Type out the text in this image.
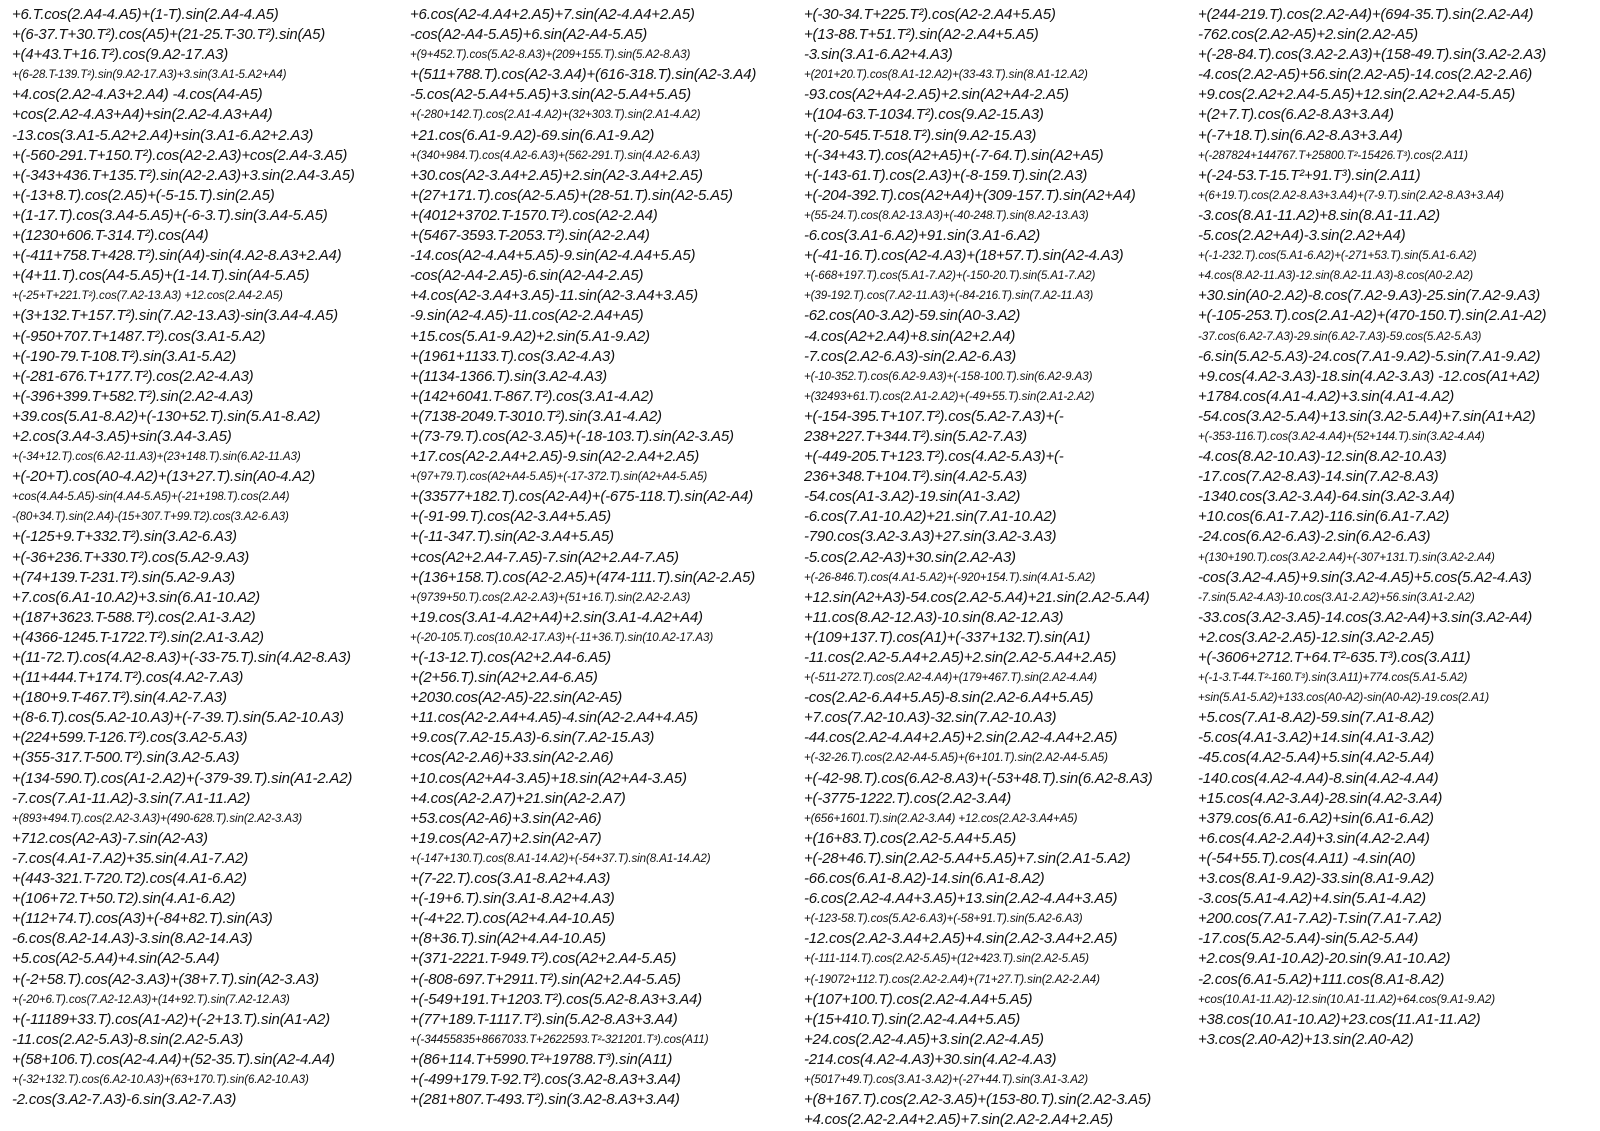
+6.T.cos(2.A4-4.A5)+(1-T).sin(2.A4-4.A5)
+(6-37.T+30.T²).cos(A5)+(21-25.T-30.T²).sin(A5)
+(4+43.T+16.T²).cos(9.A2-17.A3)
+(6-28.T-139.T²).sin(9.A2-17.A3)+3.sin(3.A1-5.A2+A4)
+4.cos(2.A2-4.A3+2.A4) -4.cos(A4-A5)
+cos(2.A2-4.A3+A4)+sin(2.A2-4.A3+A4)
-13.cos(3.A1-5.A2+2.A4)+sin(3.A1-6.A2+2.A3)
+(-560-291.T+150.T²).cos(A2-2.A3)+cos(2.A4-3.A5)
+(-343+436.T+135.T²).sin(A2-2.A3)+3.sin(2.A4-3.A5)
+(-13+8.T).cos(2.A5)+(-5-15.T).sin(2.A5)
+(1-17.T).cos(3.A4-5.A5)+(-6-3.T).sin(3.A4-5.A5)
+(1230+606.T-314.T²).cos(A4)
+(-411+758.T+428.T²).sin(A4)-sin(4.A2-8.A3+2.A4)
+(4+11.T).cos(A4-5.A5)+(1-14.T).sin(A4-5.A5)
+(-25+T+221.T²).cos(7.A2-13.A3) +12.cos(2.A4-2.A5)
+(3+132.T+157.T²).sin(7.A2-13.A3)-sin(3.A4-4.A5)
+(-950+707.T+1487.T²).cos(3.A1-5.A2)
+(-190-79.T-108.T²).sin(3.A1-5.A2)
+(-281-676.T+177.T²).cos(2.A2-4.A3)
+(-396+399.T+582.T²).sin(2.A2-4.A3)
+39.cos(5.A1-8.A2)+(-130+52.T).sin(5.A1-8.A2)
+2.cos(3.A4-3.A5)+sin(3.A4-3.A5)
+(-34+12.T).cos(6.A2-11.A3)+(23+148.T).sin(6.A2-11.A3)
+(-20+T).cos(A0-4.A2)+(13+27.T).sin(A0-4.A2)
+cos(4.A4-5.A5)-sin(4.A4-5.A5)+(-21+198.T).cos(2.A4)
-(80+34.T).sin(2.A4)-(15+307.T+99.T2).cos(3.A2-6.A3)
+(-125+9.T+332.T²).sin(3.A2-6.A3)
+(-36+236.T+330.T²).cos(5.A2-9.A3)
+(74+139.T-231.T²).sin(5.A2-9.A3)
+7.cos(6.A1-10.A2)+3.sin(6.A1-10.A2)
+(187+3623.T-588.T²).cos(2.A1-3.A2)
+(4366-1245.T-1722.T²).sin(2.A1-3.A2)
+(11-72.T).cos(4.A2-8.A3)+(-33-75.T).sin(4.A2-8.A3)
+(11+444.T+174.T²).cos(4.A2-7.A3)
+(180+9.T-467.T²).sin(4.A2-7.A3)
+(8-6.T).cos(5.A2-10.A3)+(-7-39.T).sin(5.A2-10.A3)
+(224+599.T-126.T²).cos(3.A2-5.A3)
+(355-317.T-500.T²).sin(3.A2-5.A3)
+(134-590.T).cos(A1-2.A2)+(-379-39.T).sin(A1-2.A2)
-7.cos(7.A1-11.A2)-3.sin(7.A1-11.A2)
+(893+494.T).cos(2.A2-3.A3)+(490-628.T).sin(2.A2-3.A3)
+712.cos(A2-A3)-7.sin(A2-A3)
-7.cos(4.A1-7.A2)+35.sin(4.A1-7.A2)
+(443-321.T-720.T2).cos(4.A1-6.A2)
+(106+72.T+50.T2).sin(4.A1-6.A2)
+(112+74.T).cos(A3)+(-84+82.T).sin(A3)
-6.cos(8.A2-14.A3)-3.sin(8.A2-14.A3)
+5.cos(A2-5.A4)+4.sin(A2-5.A4)
+(-2+58.T).cos(A2-3.A3)+(38+7.T).sin(A2-3.A3)
+(-20+6.T).cos(7.A2-12.A3)+(14+92.T).sin(7.A2-12.A3)
+(-11189+33.T).cos(A1-A2)+(-2+13.T).sin(A1-A2)
-11.cos(2.A2-5.A3)-8.sin(2.A2-5.A3)
+(58+106.T).cos(A2-4.A4)+(52-35.T).sin(A2-4.A4)
+(-32+132.T).cos(6.A2-10.A3)+(63+170.T).sin(6.A2-10.A3)
-2.cos(3.A2-7.A3)-6.sin(3.A2-7.A3)
+6.cos(A2-4.A4+2.A5)+7.sin(A2-4.A4+2.A5)
-cos(A2-A4-5.A5)+6.sin(A2-A4-5.A5)
+(9+452.T).cos(5.A2-8.A3)+(209+155.T).sin(5.A2-8.A3)
+(511+788.T).cos(A2-3.A4)+(616-318.T).sin(A2-3.A4)
-5.cos(A2-5.A4+5.A5)+3.sin(A2-5.A4+5.A5)
+(-280+142.T).cos(2.A1-4.A2)+(32+303.T).sin(2.A1-4.A2)
+21.cos(6.A1-9.A2)-69.sin(6.A1-9.A2)
+(340+984.T).cos(4.A2-6.A3)+(562-291.T).sin(4.A2-6.A3)
+30.cos(A2-3.A4+2.A5)+2.sin(A2-3.A4+2.A5)
+(27+171.T).cos(A2-5.A5)+(28-51.T).sin(A2-5.A5)
+(4012+3702.T-1570.T²).cos(A2-2.A4)
+(5467-3593.T-2053.T²).sin(A2-2.A4)
-14.cos(A2-4.A4+5.A5)-9.sin(A2-4.A4+5.A5)
-cos(A2-A4-2.A5)-6.sin(A2-A4-2.A5)
+4.cos(A2-3.A4+3.A5)-11.sin(A2-3.A4+3.A5)
-9.sin(A2-4.A5)-11.cos(A2-2.A4+A5)
+15.cos(5.A1-9.A2)+2.sin(5.A1-9.A2)
+(1961+1133.T).cos(3.A2-4.A3)
+(1134-1366.T).sin(3.A2-4.A3)
+(142+6041.T-867.T²).cos(3.A1-4.A2)
+(7138-2049.T-3010.T²).sin(3.A1-4.A2)
+(73-79.T).cos(A2-3.A5)+(-18-103.T).sin(A2-3.A5)
+17.cos(A2-2.A4+2.A5)-9.sin(A2-2.A4+2.A5)
+(97+79.T).cos(A2+A4-5.A5)+(-17-372.T).sin(A2+A4-5.A5)
+(33577+182.T).cos(A2-A4)+(-675-118.T).sin(A2-A4)
+(-91-99.T).cos(A2-3.A4+5.A5)
+(-11-347.T).sin(A2-3.A4+5.A5)
+cos(A2+2.A4-7.A5)-7.sin(A2+2.A4-7.A5)
+(136+158.T).cos(A2-2.A5)+(474-111.T).sin(A2-2.A5)
+(9739+50.T).cos(2.A2-2.A3)+(51+16.T).sin(2.A2-2.A3)
+19.cos(3.A1-4.A2+A4)+2.sin(3.A1-4.A2+A4)
+(-20-105.T).cos(10.A2-17.A3)+(-11+36.T).sin(10.A2-17.A3)
+(-13-12.T).cos(A2+2.A4-6.A5)
+(2+56.T).sin(A2+2.A4-6.A5)
+2030.cos(A2-A5)-22.sin(A2-A5)
+11.cos(A2-2.A4+4.A5)-4.sin(A2-2.A4+4.A5)
+9.cos(7.A2-15.A3)-6.sin(7.A2-15.A3)
+cos(A2-2.A6)+33.sin(A2-2.A6)
+10.cos(A2+A4-3.A5)+18.sin(A2+A4-3.A5)
+4.cos(A2-2.A7)+21.sin(A2-2.A7)
+53.cos(A2-A6)+3.sin(A2-A6)
+19.cos(A2-A7)+2.sin(A2-A7)
+(-147+130.T).cos(8.A1-14.A2)+(-54+37.T).sin(8.A1-14.A2)
+(7-22.T).cos(3.A1-8.A2+4.A3)
+(-19+6.T).sin(3.A1-8.A2+4.A3)
+(-4+22.T).cos(A2+4.A4-10.A5)
+(8+36.T).sin(A2+4.A4-10.A5)
+(371-2221.T-949.T²).cos(A2+2.A4-5.A5)
+(-808-697.T+2911.T²).sin(A2+2.A4-5.A5)
+(-549+191.T+1203.T²).cos(5.A2-8.A3+3.A4)
+(77+189.T-1117.T²).sin(5.A2-8.A3+3.A4)
+(-34455835+8667033.T+2622593.T²-321201.T³).cos(A11)
+(86+114.T+5990.T²+19788.T³).sin(A11)
+(-499+179.T-92.T²).cos(3.A2-8.A3+3.A4)
+(281+807.T-493.T²).sin(3.A2-8.A3+3.A4)
+(-30-34.T+225.T²).cos(A2-2.A4+5.A5)
+(13-88.T+51.T²).sin(A2-2.A4+5.A5)
-3.sin(3.A1-6.A2+4.A3)
+(201+20.T).cos(8.A1-12.A2)+(33-43.T).sin(8.A1-12.A2)
-93.cos(A2+A4-2.A5)+2.sin(A2+A4-2.A5)
+(104-63.T-1034.T²).cos(9.A2-15.A3)
+(-20-545.T-518.T²).sin(9.A2-15.A3)
+(-34+43.T).cos(A2+A5)+(-7-64.T).sin(A2+A5)
+(-143-61.T).cos(2.A3)+(-8-159.T).sin(2.A3)
+(-204-392.T).cos(A2+A4)+(309-157.T).sin(A2+A4)
+(55-24.T).cos(8.A2-13.A3)+(-40-248.T).sin(8.A2-13.A3)
-6.cos(3.A1-6.A2)+91.sin(3.A1-6.A2)
+(-41-16.T).cos(A2-4.A3)+(18+57.T).sin(A2-4.A3)
+(-668+197.T).cos(5.A1-7.A2)+(-150-20.T).sin(5.A1-7.A2)
+(39-192.T).cos(7.A2-11.A3)+(-84-216.T).sin(7.A2-11.A3)
-62.cos(A0-3.A2)-59.sin(A0-3.A2)
-4.cos(A2+2.A4)+8.sin(A2+2.A4)
-7.cos(2.A2-6.A3)-sin(2.A2-6.A3)
+(-10-352.T).cos(6.A2-9.A3)+(-158-100.T).sin(6.A2-9.A3)
+(32493+61.T).cos(2.A1-2.A2)+(-49+55.T).sin(2.A1-2.A2)
+(-154-395.T+107.T²).cos(5.A2-7.A3)+(-
238+227.T+344.T²).sin(5.A2-7.A3)
+(-449-205.T+123.T²).cos(4.A2-5.A3)+(-
236+348.T+104.T²).sin(4.A2-5.A3)
-54.cos(A1-3.A2)-19.sin(A1-3.A2)
-6.cos(7.A1-10.A2)+21.sin(7.A1-10.A2)
-790.cos(3.A2-3.A3)+27.sin(3.A2-3.A3)
-5.cos(2.A2-A3)+30.sin(2.A2-A3)
+(-26-846.T).cos(4.A1-5.A2)+(-920+154.T).sin(4.A1-5.A2)
+12.sin(A2+A3)-54.cos(2.A2-5.A4)+21.sin(2.A2-5.A4)
+11.cos(8.A2-12.A3)-10.sin(8.A2-12.A3)
+(109+137.T).cos(A1)+(-337+132.T).sin(A1)
-11.cos(2.A2-5.A4+2.A5)+2.sin(2.A2-5.A4+2.A5)
+(-511-272.T).cos(2.A2-4.A4)+(179+467.T).sin(2.A2-4.A4)
-cos(2.A2-6.A4+5.A5)-8.sin(2.A2-6.A4+5.A5)
+7.cos(7.A2-10.A3)-32.sin(7.A2-10.A3)
-44.cos(2.A2-4.A4+2.A5)+2.sin(2.A2-4.A4+2.A5)
+(-32-26.T).cos(2.A2-A4-5.A5)+(6+101.T).sin(2.A2-A4-5.A5)
+(-42-98.T).cos(6.A2-8.A3)+(-53+48.T).sin(6.A2-8.A3)
+(-3775-1222.T).cos(2.A2-3.A4)
+(656+1601.T).sin(2.A2-3.A4) +12.cos(2.A2-3.A4+A5)
+(16+83.T).cos(2.A2-5.A4+5.A5)
+(-28+46.T).sin(2.A2-5.A4+5.A5)+7.sin(2.A1-5.A2)
-66.cos(6.A1-8.A2)-14.sin(6.A1-8.A2)
-6.cos(2.A2-4.A4+3.A5)+13.sin(2.A2-4.A4+3.A5)
+(-123-58.T).cos(5.A2-6.A3)+(-58+91.T).sin(5.A2-6.A3)
-12.cos(2.A2-3.A4+2.A5)+4.sin(2.A2-3.A4+2.A5)
+(-111-114.T).cos(2.A2-5.A5)+(12+423.T).sin(2.A2-5.A5)
+(-19072+112.T).cos(2.A2-2.A4)+(71+27.T).sin(2.A2-2.A4)
+(107+100.T).cos(2.A2-4.A4+5.A5)
+(15+410.T).sin(2.A2-4.A4+5.A5)
+24.cos(2.A2-4.A5)+3.sin(2.A2-4.A5)
-214.cos(4.A2-4.A3)+30.sin(4.A2-4.A3)
+(5017+49.T).cos(3.A1-3.A2)+(-27+44.T).sin(3.A1-3.A2)
+(8+167.T).cos(2.A2-3.A5)+(153-80.T).sin(2.A2-3.A5)
+4.cos(2.A2-2.A4+2.A5)+7.sin(2.A2-2.A4+2.A5)
+(244-219.T).cos(2.A2-A4)+(694-35.T).sin(2.A2-A4)
-762.cos(2.A2-A5)+2.sin(2.A2-A5)
+(-28-84.T).cos(3.A2-2.A3)+(158-49.T).sin(3.A2-2.A3)
-4.cos(2.A2-A5)+56.sin(2.A2-A5)-14.cos(2.A2-2.A6)
+9.cos(2.A2+2.A4-5.A5)+12.sin(2.A2+2.A4-5.A5)
+(2+7.T).cos(6.A2-8.A3+3.A4)
+(-7+18.T).sin(6.A2-8.A3+3.A4)
+(-287824+144767.T+25800.T²-15426.T³).cos(2.A11)
+(-24-53.T-15.T²+91.T³).sin(2.A11)
+(6+19.T).cos(2.A2-8.A3+3.A4)+(7-9.T).sin(2.A2-8.A3+3.A4)
-3.cos(8.A1-11.A2)+8.sin(8.A1-11.A2)
-5.cos(2.A2+A4)-3.sin(2.A2+A4)
+(-1-232.T).cos(5.A1-6.A2)+(-271+53.T).sin(5.A1-6.A2)
+4.cos(8.A2-11.A3)-12.sin(8.A2-11.A3)-8.cos(A0-2.A2)
+30.sin(A0-2.A2)-8.cos(7.A2-9.A3)-25.sin(7.A2-9.A3)
+(-105-253.T).cos(2.A1-A2)+(470-150.T).sin(2.A1-A2)
-37.cos(6.A2-7.A3)-29.sin(6.A2-7.A3)-59.cos(5.A2-5.A3)
-6.sin(5.A2-5.A3)-24.cos(7.A1-9.A2)-5.sin(7.A1-9.A2)
+9.cos(4.A2-3.A3)-18.sin(4.A2-3.A3) -12.cos(A1+A2)
+1784.cos(4.A1-4.A2)+3.sin(4.A1-4.A2)
-54.cos(3.A2-5.A4)+13.sin(3.A2-5.A4)+7.sin(A1+A2)
+(-353-116.T).cos(3.A2-4.A4)+(52+144.T).sin(3.A2-4.A4)
-4.cos(8.A2-10.A3)-12.sin(8.A2-10.A3)
-17.cos(7.A2-8.A3)-14.sin(7.A2-8.A3)
-1340.cos(3.A2-3.A4)-64.sin(3.A2-3.A4)
+10.cos(6.A1-7.A2)-116.sin(6.A1-7.A2)
-24.cos(6.A2-6.A3)-2.sin(6.A2-6.A3)
+(130+190.T).cos(3.A2-2.A4)+(-307+131.T).sin(3.A2-2.A4)
-cos(3.A2-4.A5)+9.sin(3.A2-4.A5)+5.cos(5.A2-4.A3)
-7.sin(5.A2-4.A3)-10.cos(3.A1-2.A2)+56.sin(3.A1-2.A2)
-33.cos(3.A2-3.A5)-14.cos(3.A2-A4)+3.sin(3.A2-A4)
+2.cos(3.A2-2.A5)-12.sin(3.A2-2.A5)
+(-3606+2712.T+64.T²-635.T³).cos(3.A11)
+(-1-3.T-44.T²-160.T³).sin(3.A11)+774.cos(5.A1-5.A2)
+sin(5.A1-5.A2)+133.cos(A0-A2)-sin(A0-A2)-19.cos(2.A1)
+5.cos(7.A1-8.A2)-59.sin(7.A1-8.A2)
-5.cos(4.A1-3.A2)+14.sin(4.A1-3.A2)
-45.cos(4.A2-5.A4)+5.sin(4.A2-5.A4)
-140.cos(4.A2-4.A4)-8.sin(4.A2-4.A4)
+15.cos(4.A2-3.A4)-28.sin(4.A2-3.A4)
+379.cos(6.A1-6.A2)+sin(6.A1-6.A2)
+6.cos(4.A2-2.A4)+3.sin(4.A2-2.A4)
+(-54+55.T).cos(4.A11) -4.sin(A0)
+3.cos(8.A1-9.A2)-33.sin(8.A1-9.A2)
-3.cos(5.A1-4.A2)+4.sin(5.A1-4.A2)
+200.cos(7.A1-7.A2)-T.sin(7.A1-7.A2)
-17.cos(5.A2-5.A4)-sin(5.A2-5.A4)
+2.cos(9.A1-10.A2)-20.sin(9.A1-10.A2)
-2.cos(6.A1-5.A2)+111.cos(8.A1-8.A2)
+cos(10.A1-11.A2)-12.sin(10.A1-11.A2)+64.cos(9.A1-9.A2)
+38.cos(10.A1-10.A2)+23.cos(11.A1-11.A2)
+3.cos(2.A0-A2)+13.sin(2.A0-A2)
